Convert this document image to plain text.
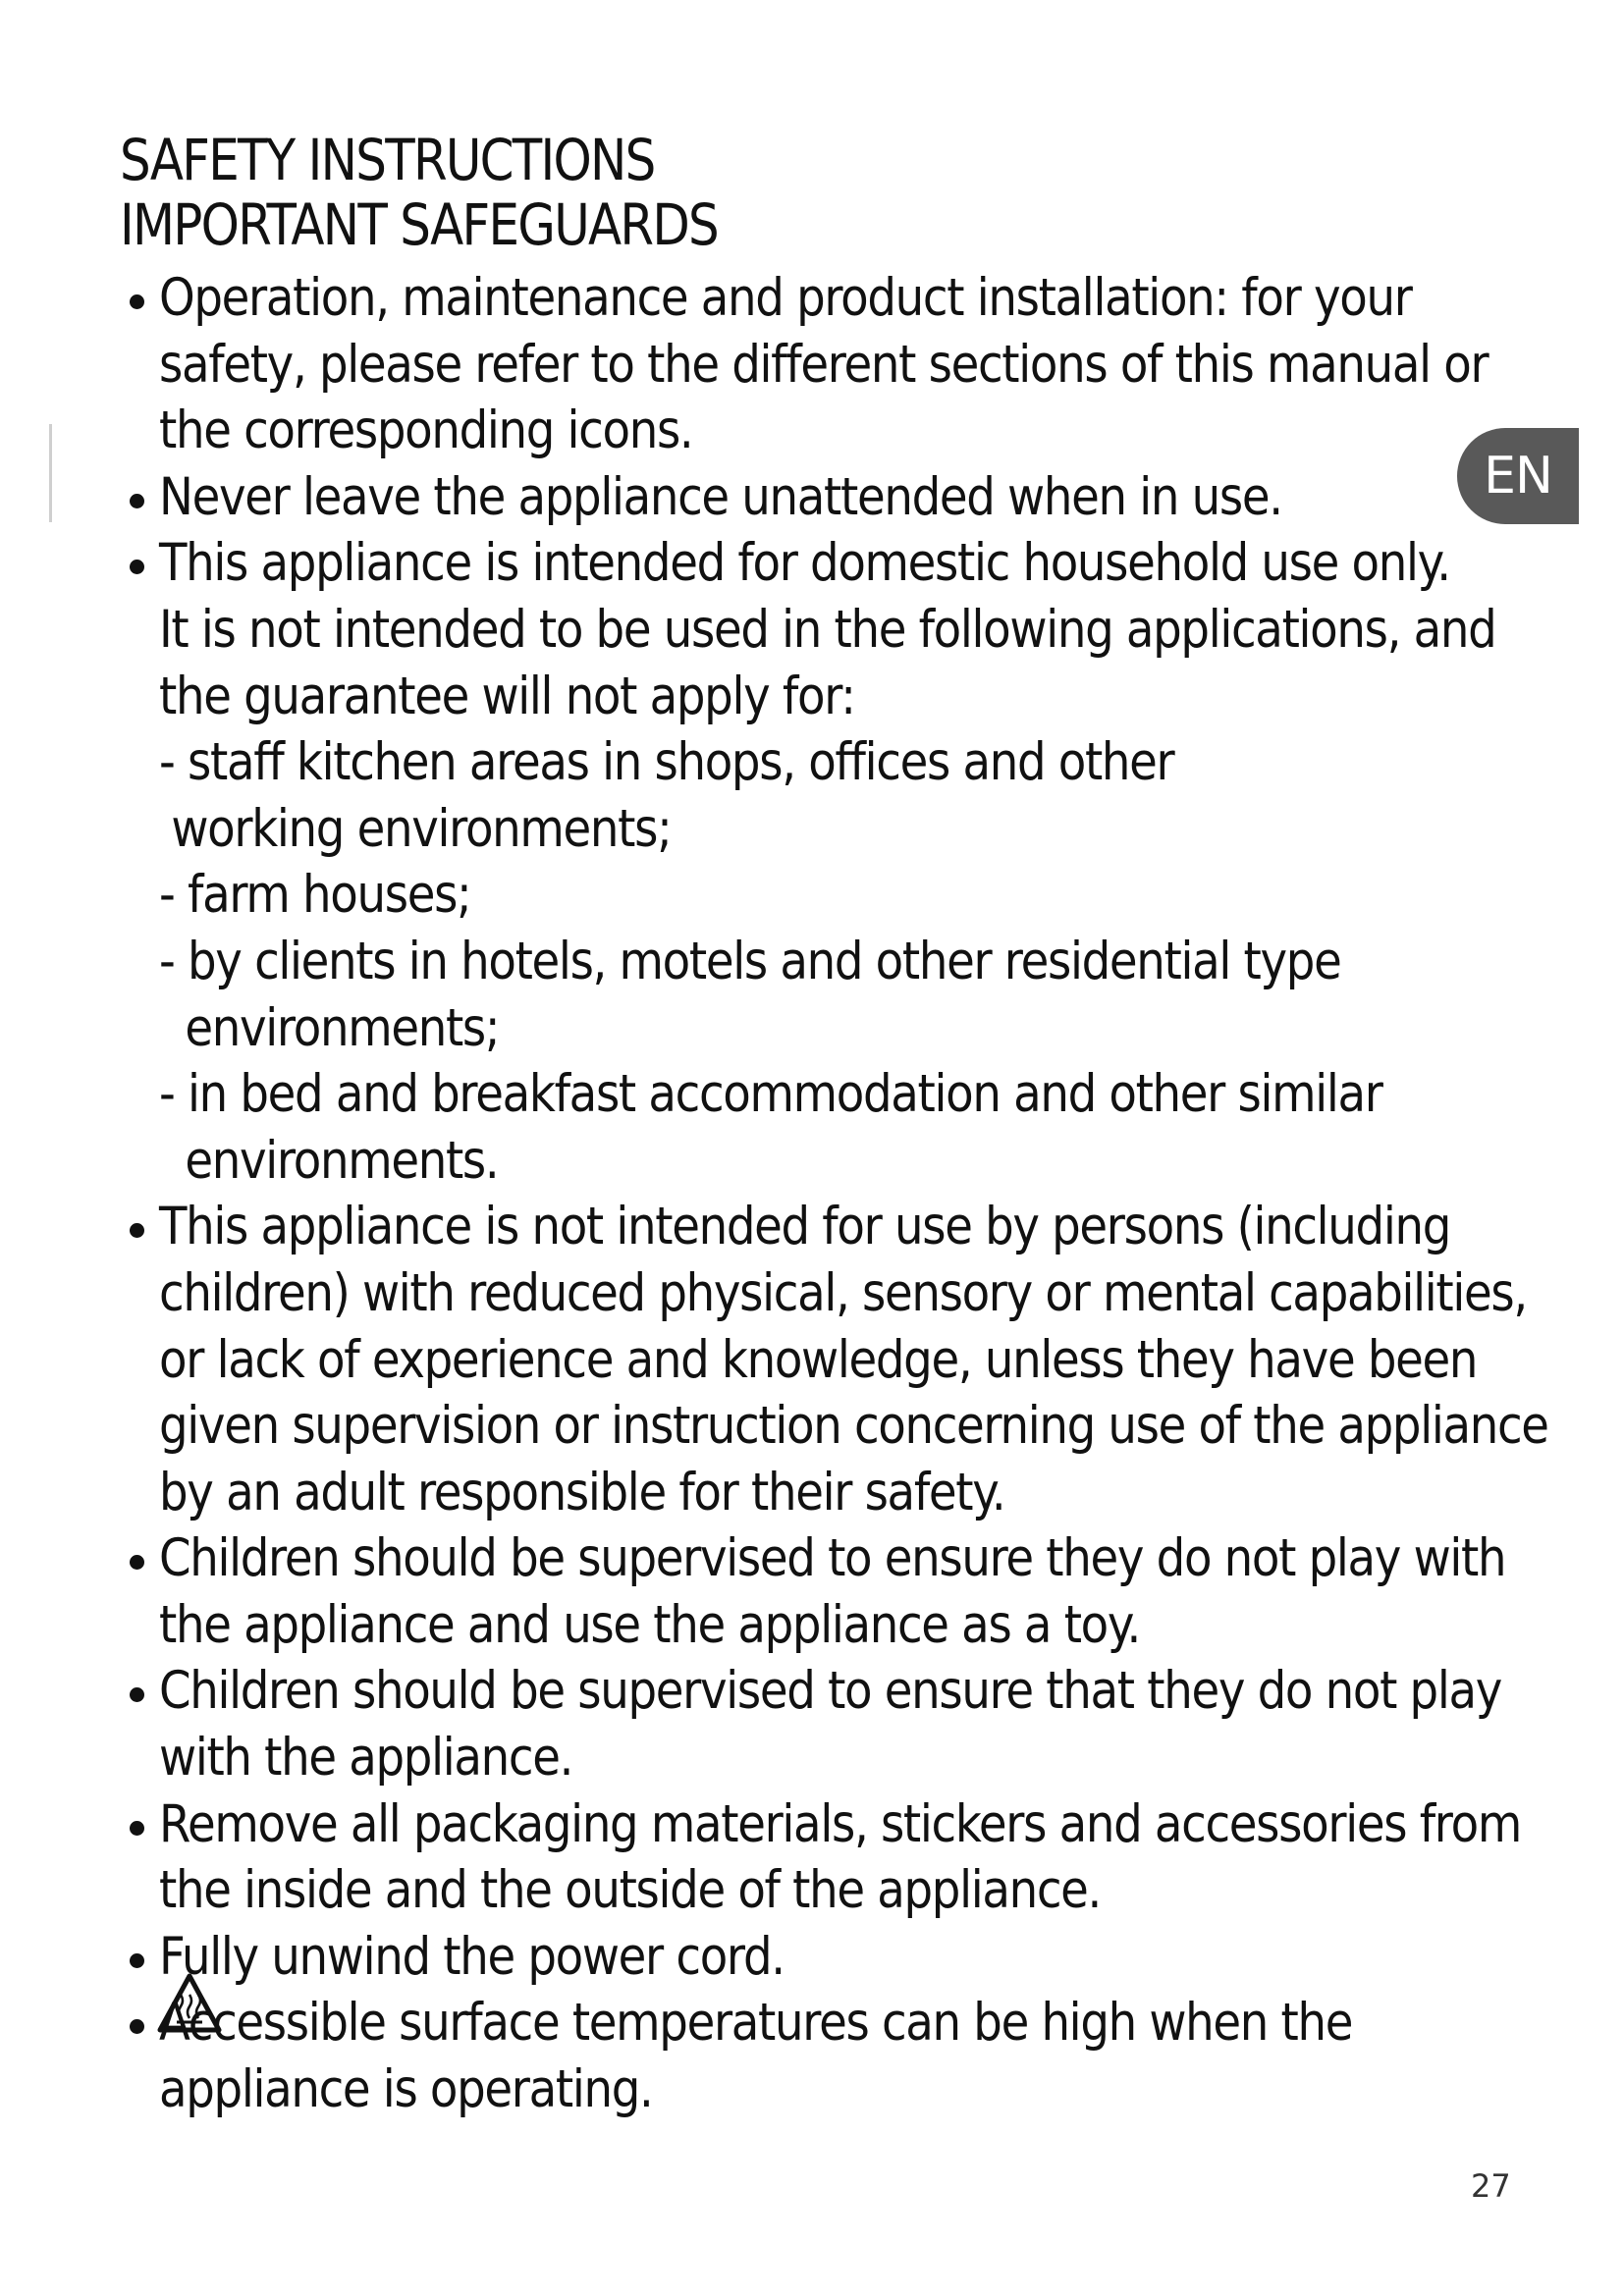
SAFETY INSTRUCTIONS
IMPORTANT SAFEGUARDS
EN
Operation, maintenance and product installation: for your
safety, please refer to the different sections of this manual or
the corresponding icons.
Never leave the appliance unattended when in use.
This appliance is intended for domestic household use only.
It is not intended to be used in the following applications, and
the guarantee will not apply for:
- staff kitchen areas in shops, offices and other
working environments;
- farm houses;
- by clients in hotels, motels and other residential type
environments;
- in bed and breakfast accommodation and other similar
environments.
This appliance is not intended for use by persons (including
children) with reduced physical, sensory or mental capabilities,
or lack of experience and knowledge, unless they have been
given supervision or instruction concerning use of the appliance
by an adult responsible for their safety.
Children should be supervised to ensure they do not play with
the appliance and use the appliance as a toy.
Children should be supervised to ensure that they do not play
with the appliance.
Remove all packaging materials, stickers and accessories from
the inside and the outside of the appliance.
Fully unwind the power cord.
Accessible surface temperatures can be high when the
appliance is operating.
27
